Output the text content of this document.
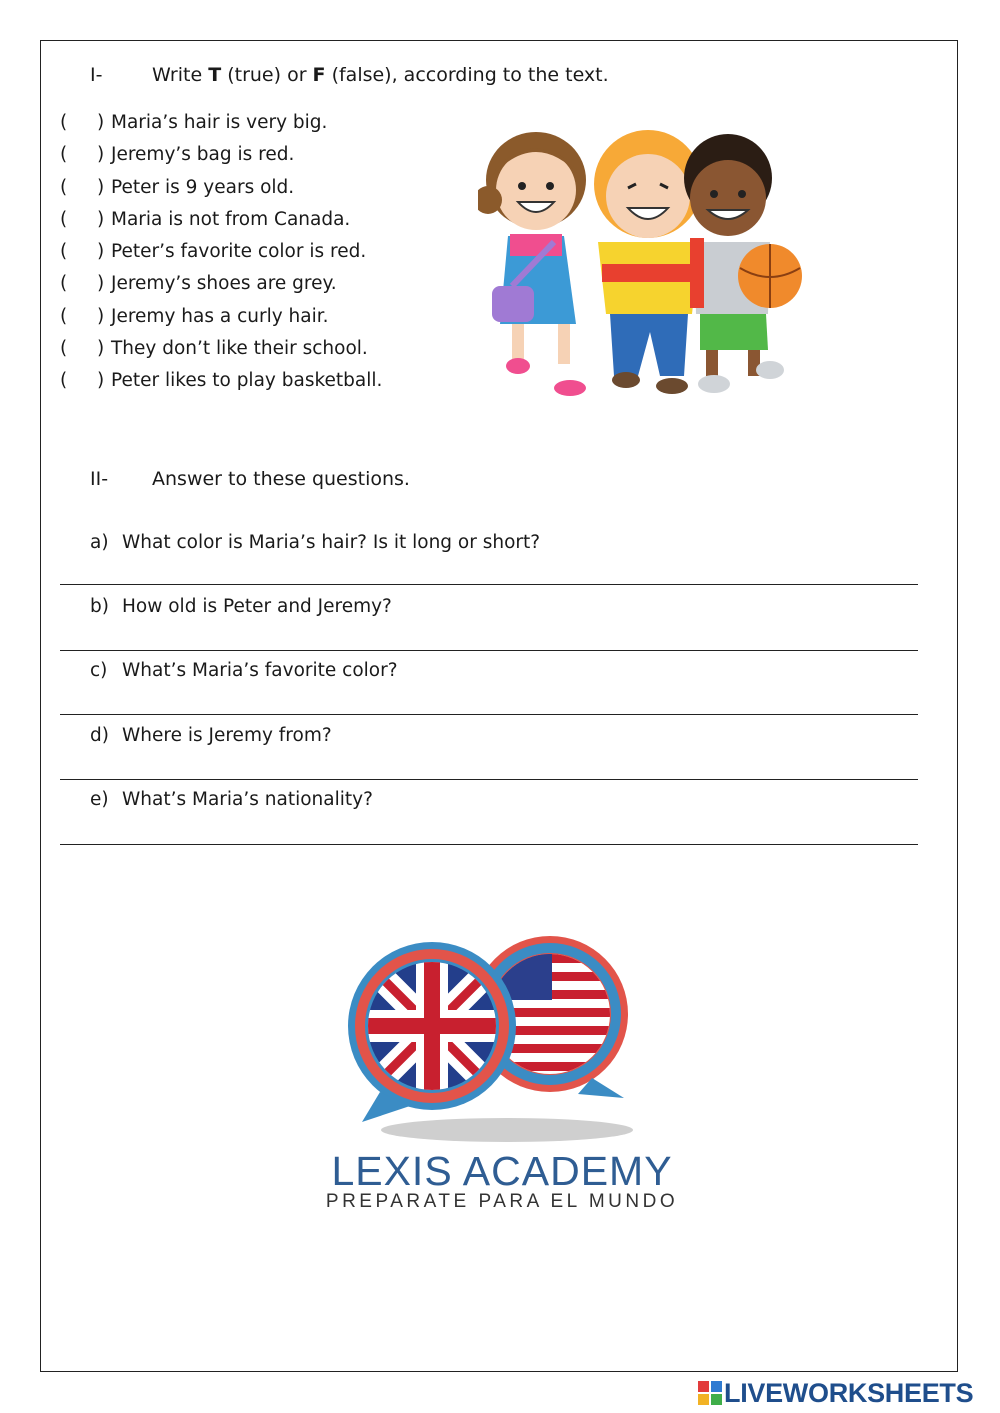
I-	Write T (true) or F (false), according to the text.
( ) Maria’s hair is very big.
( ) Jeremy’s bag is red.
( ) Peter is 9 years old.
( ) Maria is not from Canada.
( ) Peter’s favorite color is red.
( ) Jeremy’s shoes are grey.
( ) Jeremy has a curly hair.
( ) They don’t like their school.
( ) Peter likes to play basketball.
II- Answer to these questions.
a) What color is Maria’s hair? Is it long or short?
b) How old is Peter and Jeremy?
c) What’s Maria’s favorite color?
d) Where is Jeremy from?
e) What’s Maria’s nationality?
LEXIS ACADEMY
PREPARATE PARA EL MUNDO
LIVEWORKSHEETS
